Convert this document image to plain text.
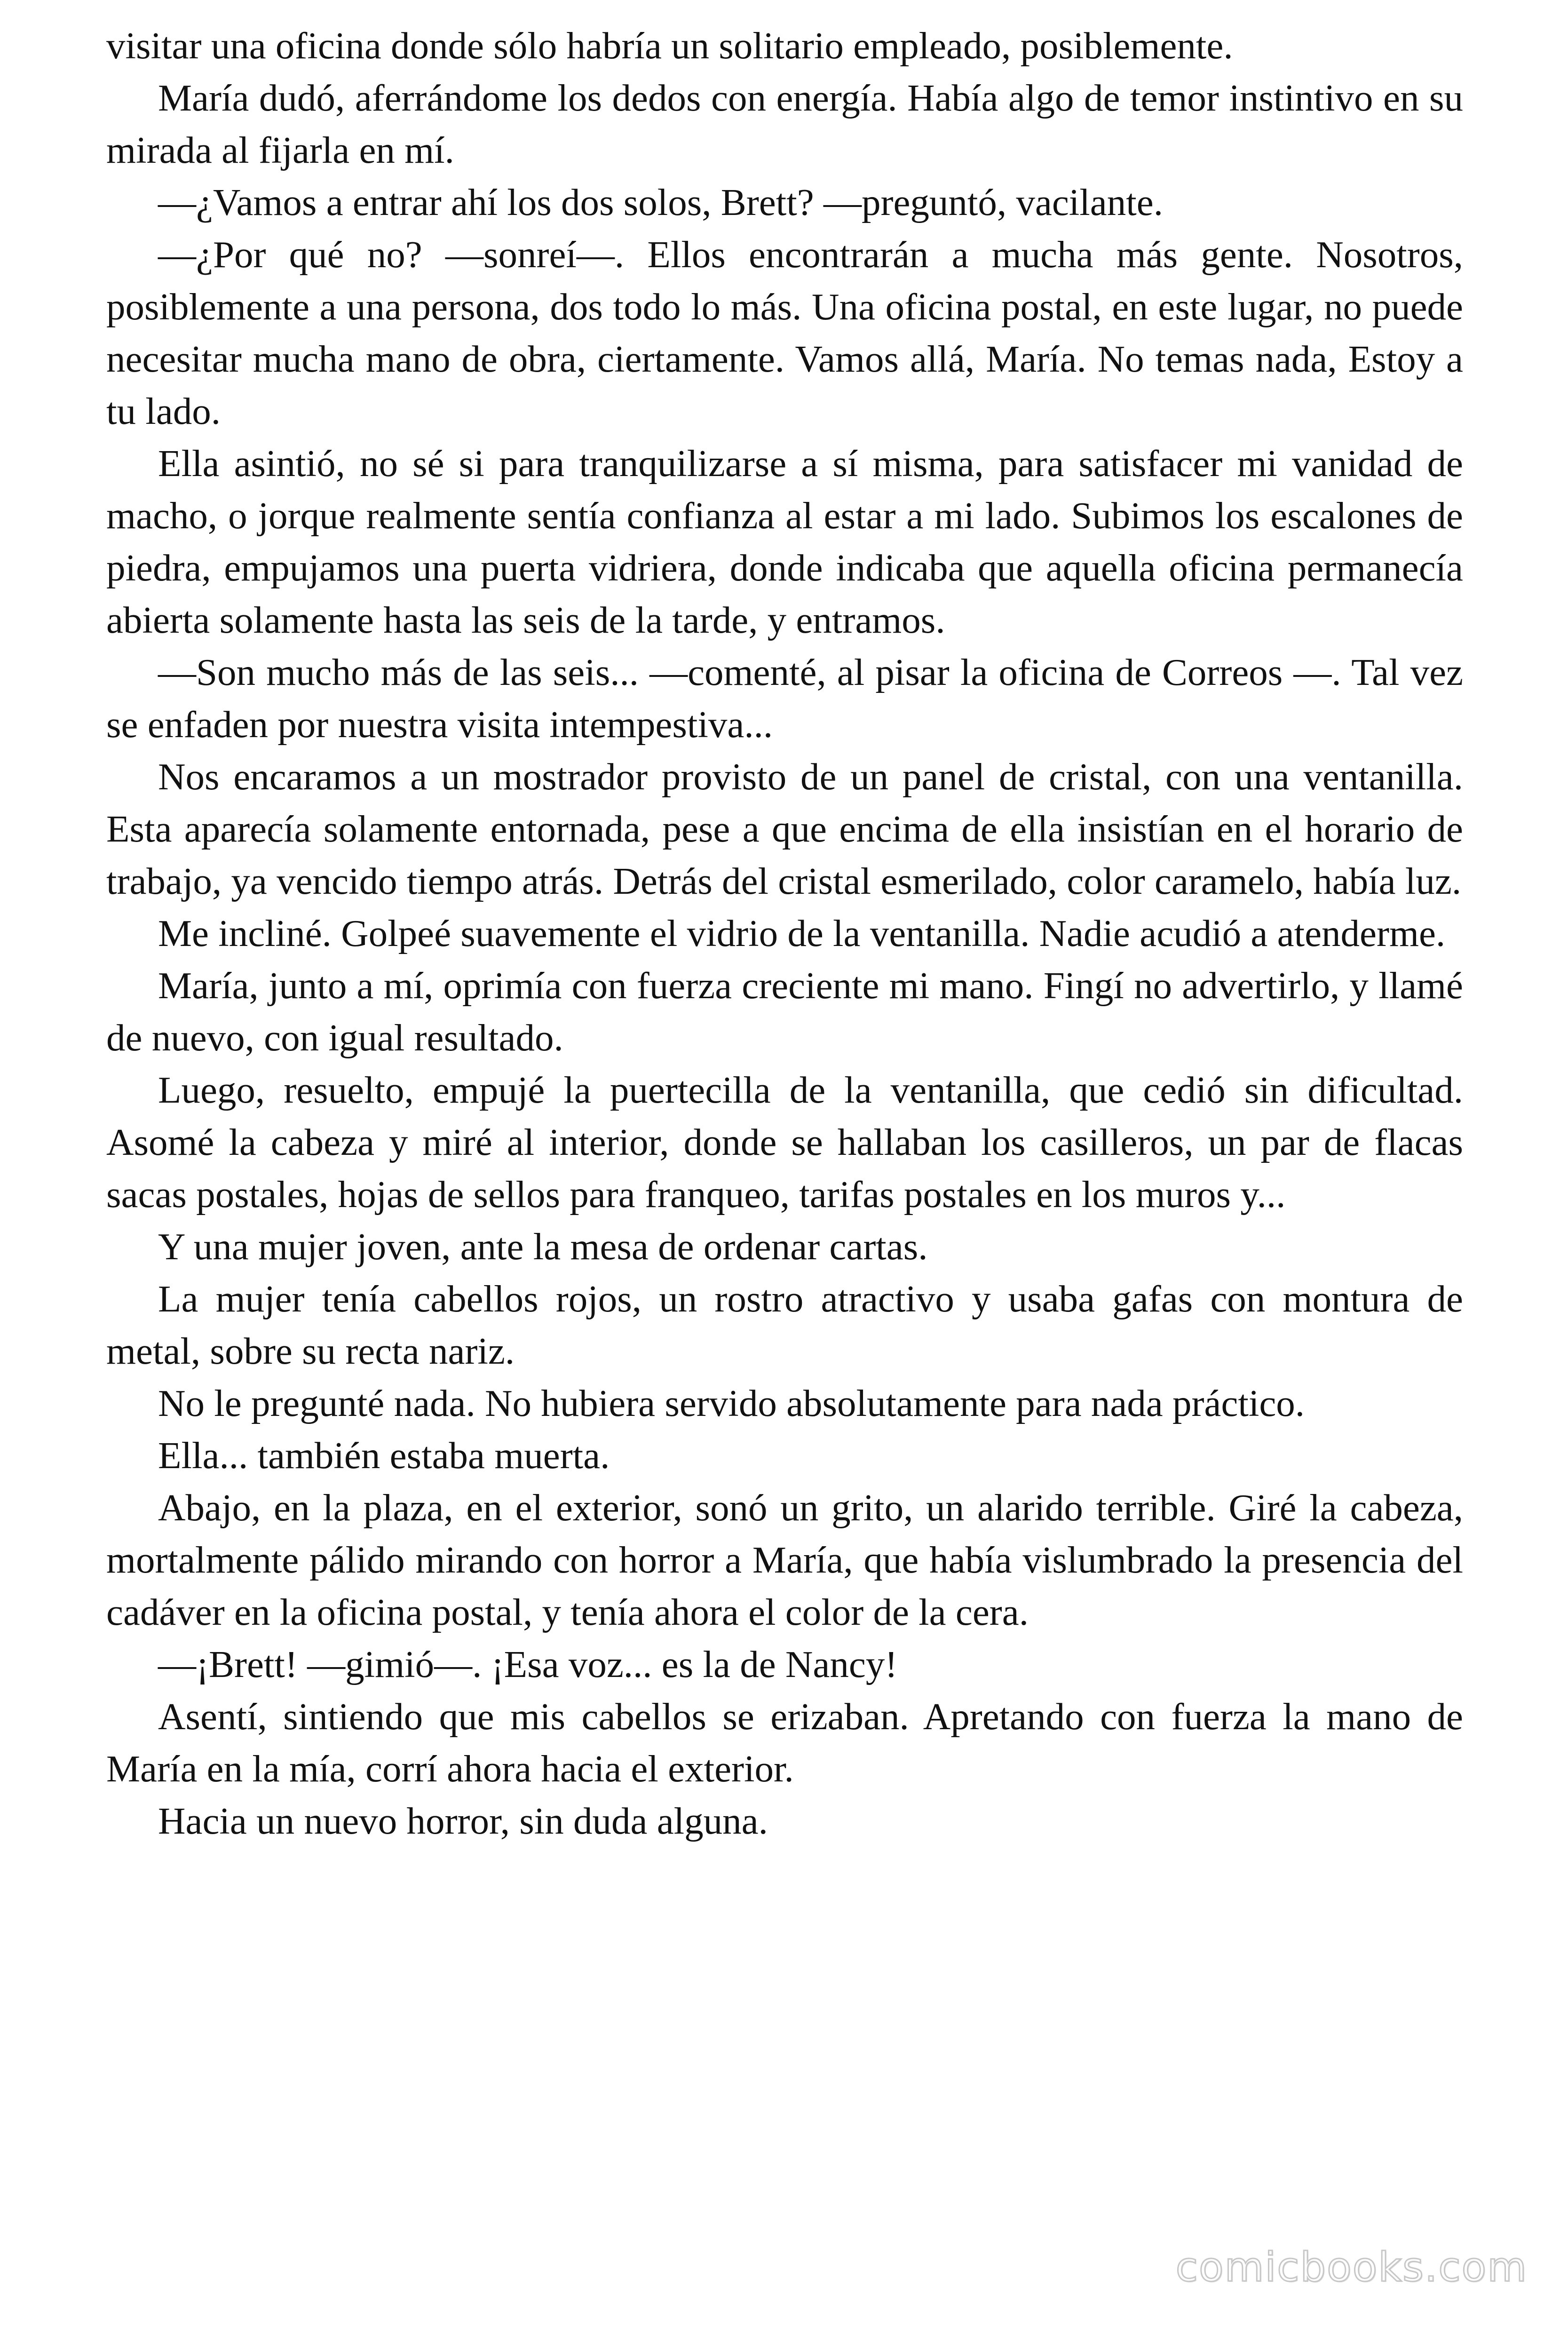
visitar una oficina donde sólo habría un solitario empleado, posiblemente.

María dudó, aferrándome los dedos con energía. Había algo de temor instintivo en su mirada al fijarla en mí.

—¿Vamos a entrar ahí los dos solos, Brett? —preguntó, vacilante.

—¿Por qué no? —sonreí—. Ellos encontrarán a mucha más gente. Nosotros, posiblemente a una persona, dos todo lo más. Una oficina postal, en este lugar, no puede necesitar mucha mano de obra, ciertamente. Vamos allá, María. No temas nada, Estoy a tu lado.

Ella asintió, no sé si para tranquilizarse a sí misma, para satisfacer mi vanidad de macho, o jorque realmente sentía confianza al estar a mi lado. Subimos los escalones de piedra, empujamos una puerta vidriera, donde indicaba que aquella oficina permanecía abierta solamente hasta las seis de la tarde, y entramos.

—Son mucho más de las seis... —comenté, al pisar la oficina de Correos —. Tal vez se enfaden por nuestra visita intempestiva...

Nos encaramos a un mostrador provisto de un panel de cristal, con una ventanilla. Esta aparecía solamente entornada, pese a que encima de ella insistían en el horario de trabajo, ya vencido tiempo atrás. Detrás del cristal esmerilado, color caramelo, había luz.

Me incliné. Golpeé suavemente el vidrio de la ventanilla. Nadie acudió a atenderme.

María, junto a mí, oprimía con fuerza creciente mi mano. Fingí no advertirlo, y llamé de nuevo, con igual resultado.

Luego, resuelto, empujé la puertecilla de la ventanilla, que cedió sin dificultad. Asomé la cabeza y miré al interior, donde se hallaban los casilleros, un par de flacas sacas postales, hojas de sellos para franqueo, tarifas postales en los muros y...

Y una mujer joven, ante la mesa de ordenar cartas.

La mujer tenía cabellos rojos, un rostro atractivo y usaba gafas con montura de metal, sobre su recta nariz.

No le pregunté nada. No hubiera servido absolutamente para nada práctico.

Ella... también estaba muerta.

Abajo, en la plaza, en el exterior, sonó un grito, un alarido terrible. Giré la cabeza, mortalmente pálido mirando con horror a María, que había vislumbrado la presencia del cadáver en la oficina postal, y tenía ahora el color de la cera.

—¡Brett! —gimió—. ¡Esa voz... es la de Nancy!

Asentí, sintiendo que mis cabellos se erizaban. Apretando con fuerza la mano de María en la mía, corrí ahora hacia el exterior.

Hacia un nuevo horror, sin duda alguna.

comicbooks.com
